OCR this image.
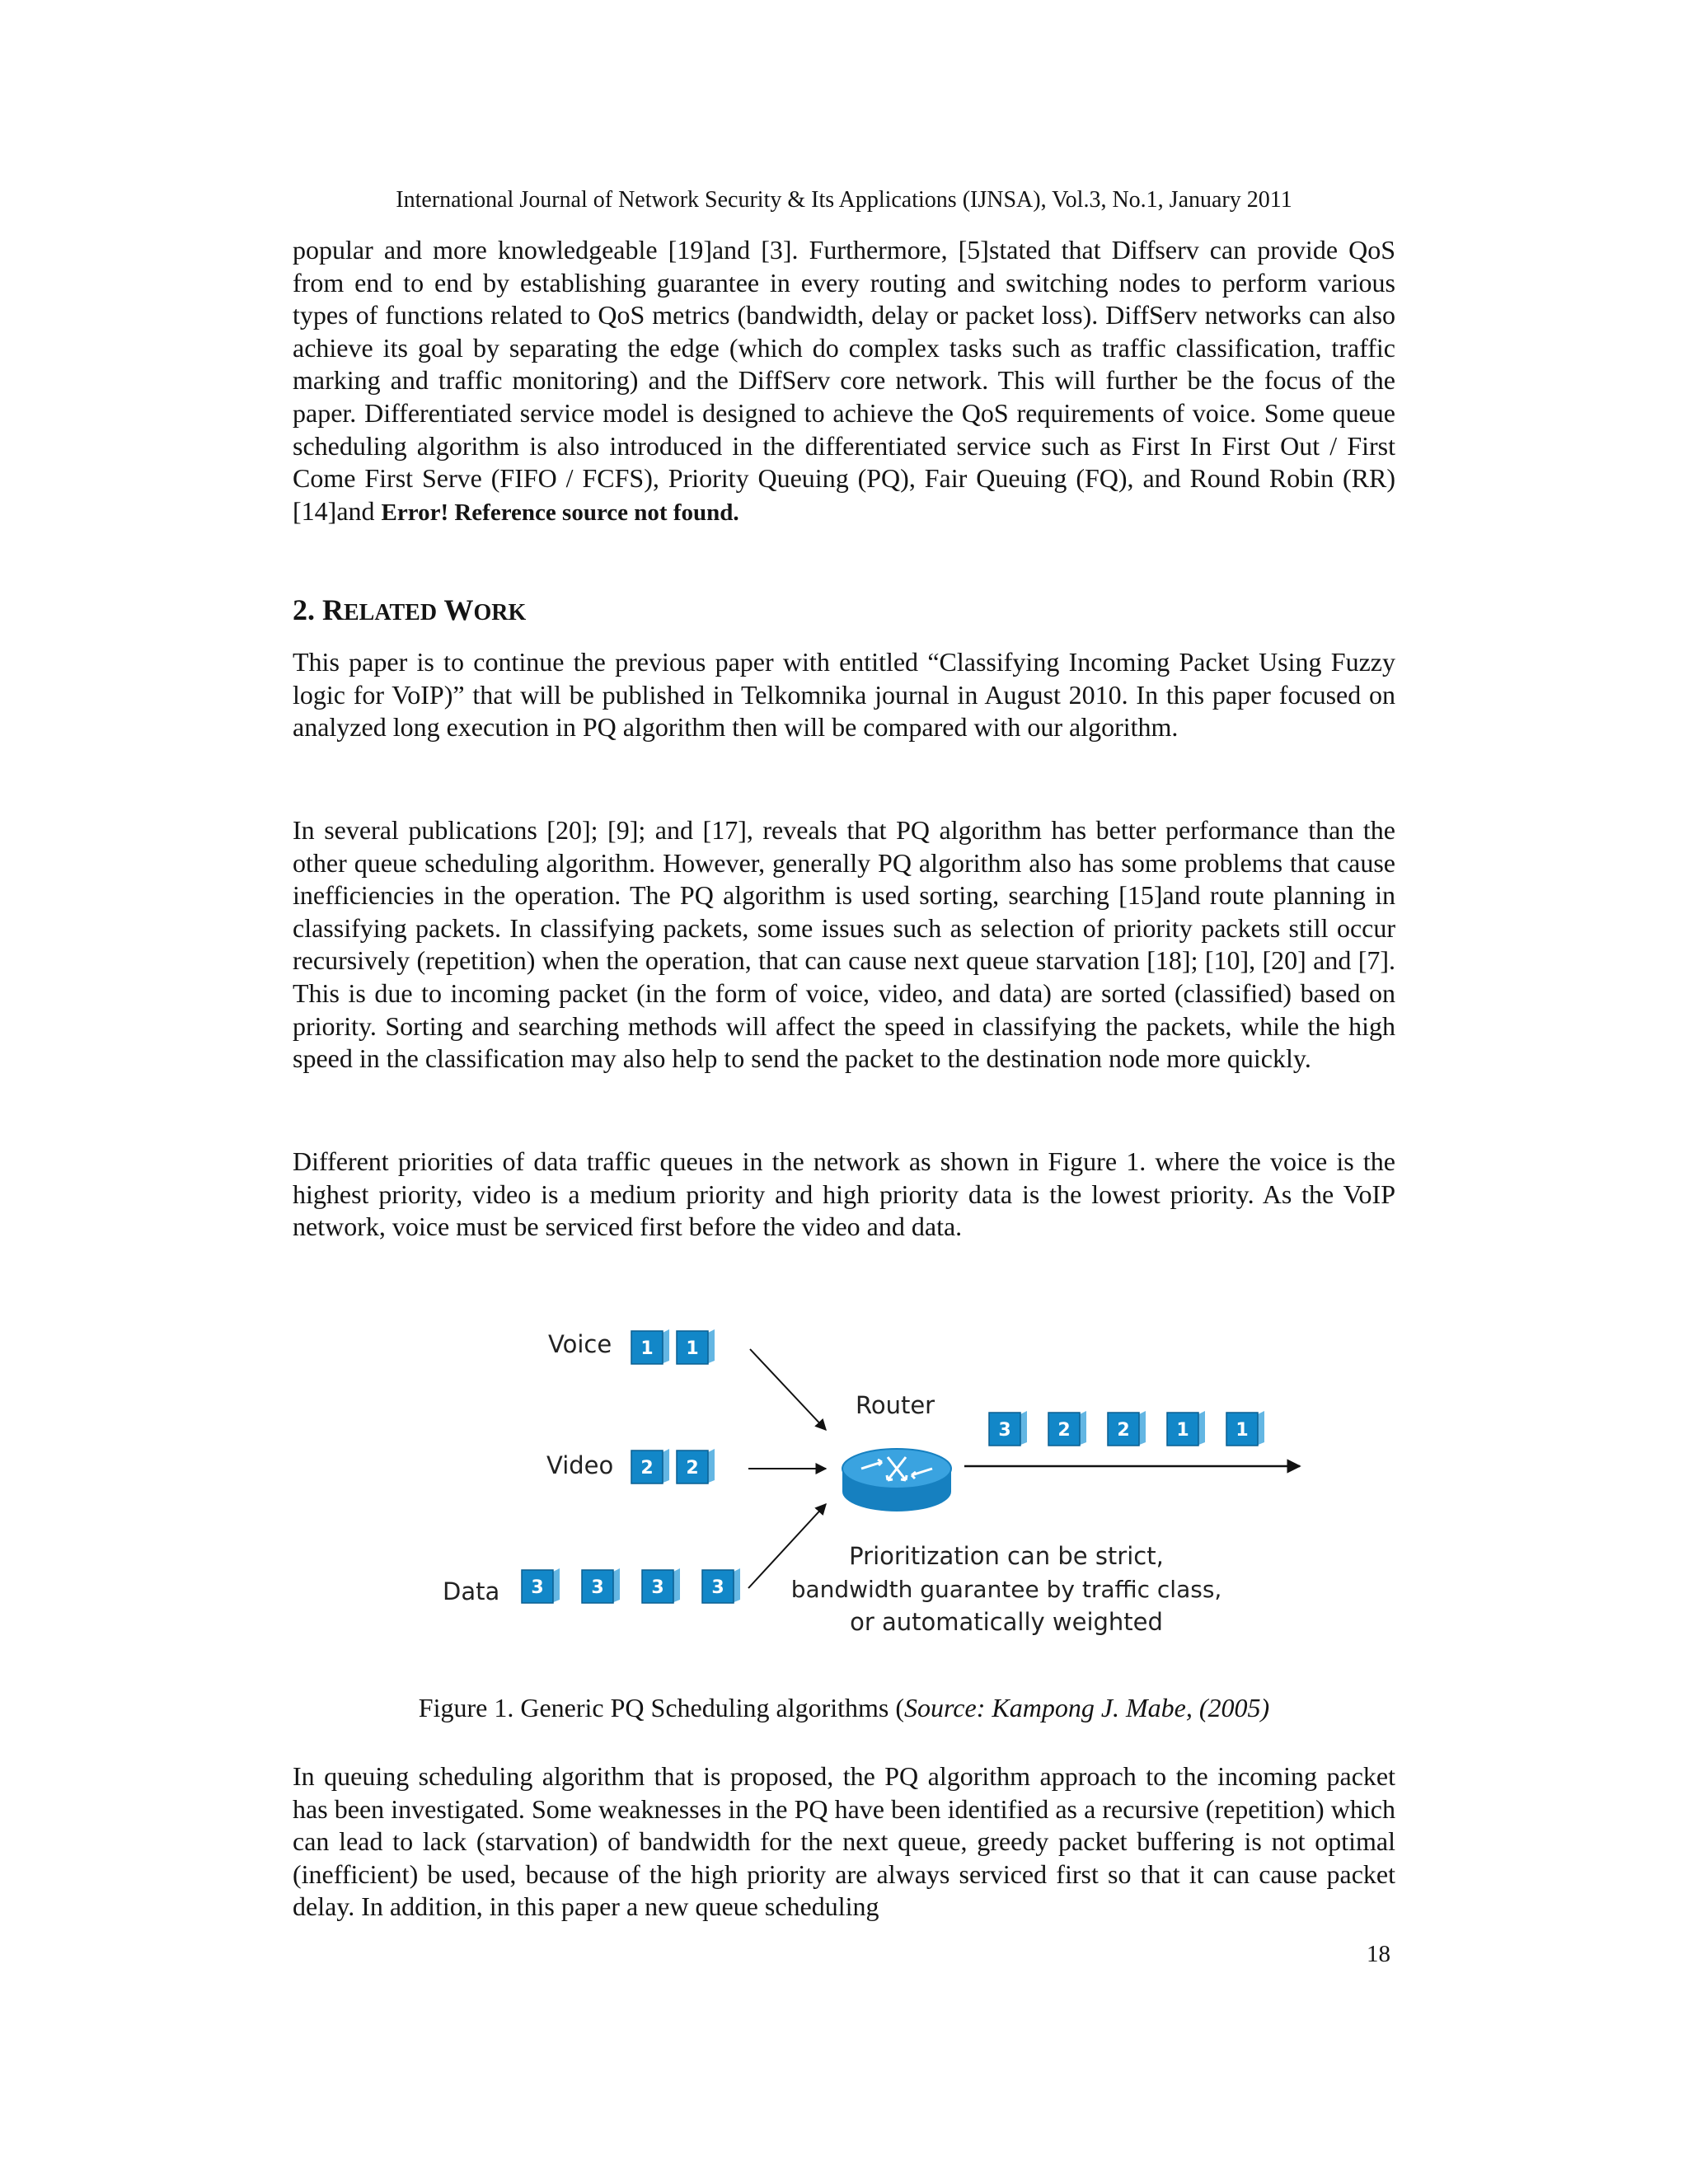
International Journal of Network Security & Its Applications (IJNSA), Vol.3, No.1, January 2011

popular and more knowledgeable [19]and [3]. Furthermore, [5]stated that Diffserv can provide QoS from end to end by establishing guarantee in every routing and switching nodes to perform various types of functions related to QoS metrics (bandwidth, delay or packet loss). DiffServ networks can also achieve its goal by separating the edge (which do complex tasks such as traffic classification, traffic marking and traffic monitoring) and the DiffServ core network. This will further be the focus of the paper. Differentiated service model is designed to achieve the QoS requirements of voice. Some queue scheduling algorithm is also introduced in the differentiated service such as First In First Out / First Come First Serve (FIFO / FCFS), Priority Queuing (PQ), Fair Queuing (FQ), and Round Robin (RR) [14]and Error! Reference source not found.

2. RELATED WORK

This paper is to continue the previous paper with entitled “Classifying Incoming Packet Using Fuzzy logic for VoIP)” that will be published in Telkomnika journal in August 2010. In this paper focused on analyzed long execution in PQ algorithm then will be compared with our algorithm.

In several publications [20]; [9]; and [17], reveals that PQ algorithm has better performance than the other queue scheduling algorithm. However, generally PQ algorithm also has some problems that cause inefficiencies in the operation. The PQ algorithm is used sorting, searching [15]and route planning in classifying packets. In classifying packets, some issues such as selection of priority packets still occur recursively (repetition) when the operation, that can cause next queue starvation [18]; [10], [20] and [7]. This is due to incoming packet (in the form of voice, video, and data) are sorted (classified) based on priority. Sorting and searching methods will affect the speed in classifying the packets, while the high speed in the classification may also help to send the packet to the destination node more quickly.

Different priorities of data traffic queues in the network as shown in Figure 1. where the voice is the highest priority, video is a medium priority and high priority data is the lowest priority. As the VoIP network, voice must be serviced first before the video and data.

Voice
Video
Data
1 1
2 2
3	3	3	3
3	2	2	1	1
Router
Prioritization can be strict,
bandwidth guarantee by traffic class,
or automatically weighted
Figure 1. Generic PQ Scheduling algorithms (Source: Kampong J. Mabe, (2005)

In queuing scheduling algorithm that is proposed, the PQ algorithm approach to the incoming packet has been investigated. Some weaknesses in the PQ have been identified as a recursive (repetition) which can lead to lack (starvation) of bandwidth for the next queue, greedy packet buffering is not optimal (inefficient) be used, because of the high priority are always serviced first so that it can cause packet delay. In addition, in this paper a new queue scheduling

18
